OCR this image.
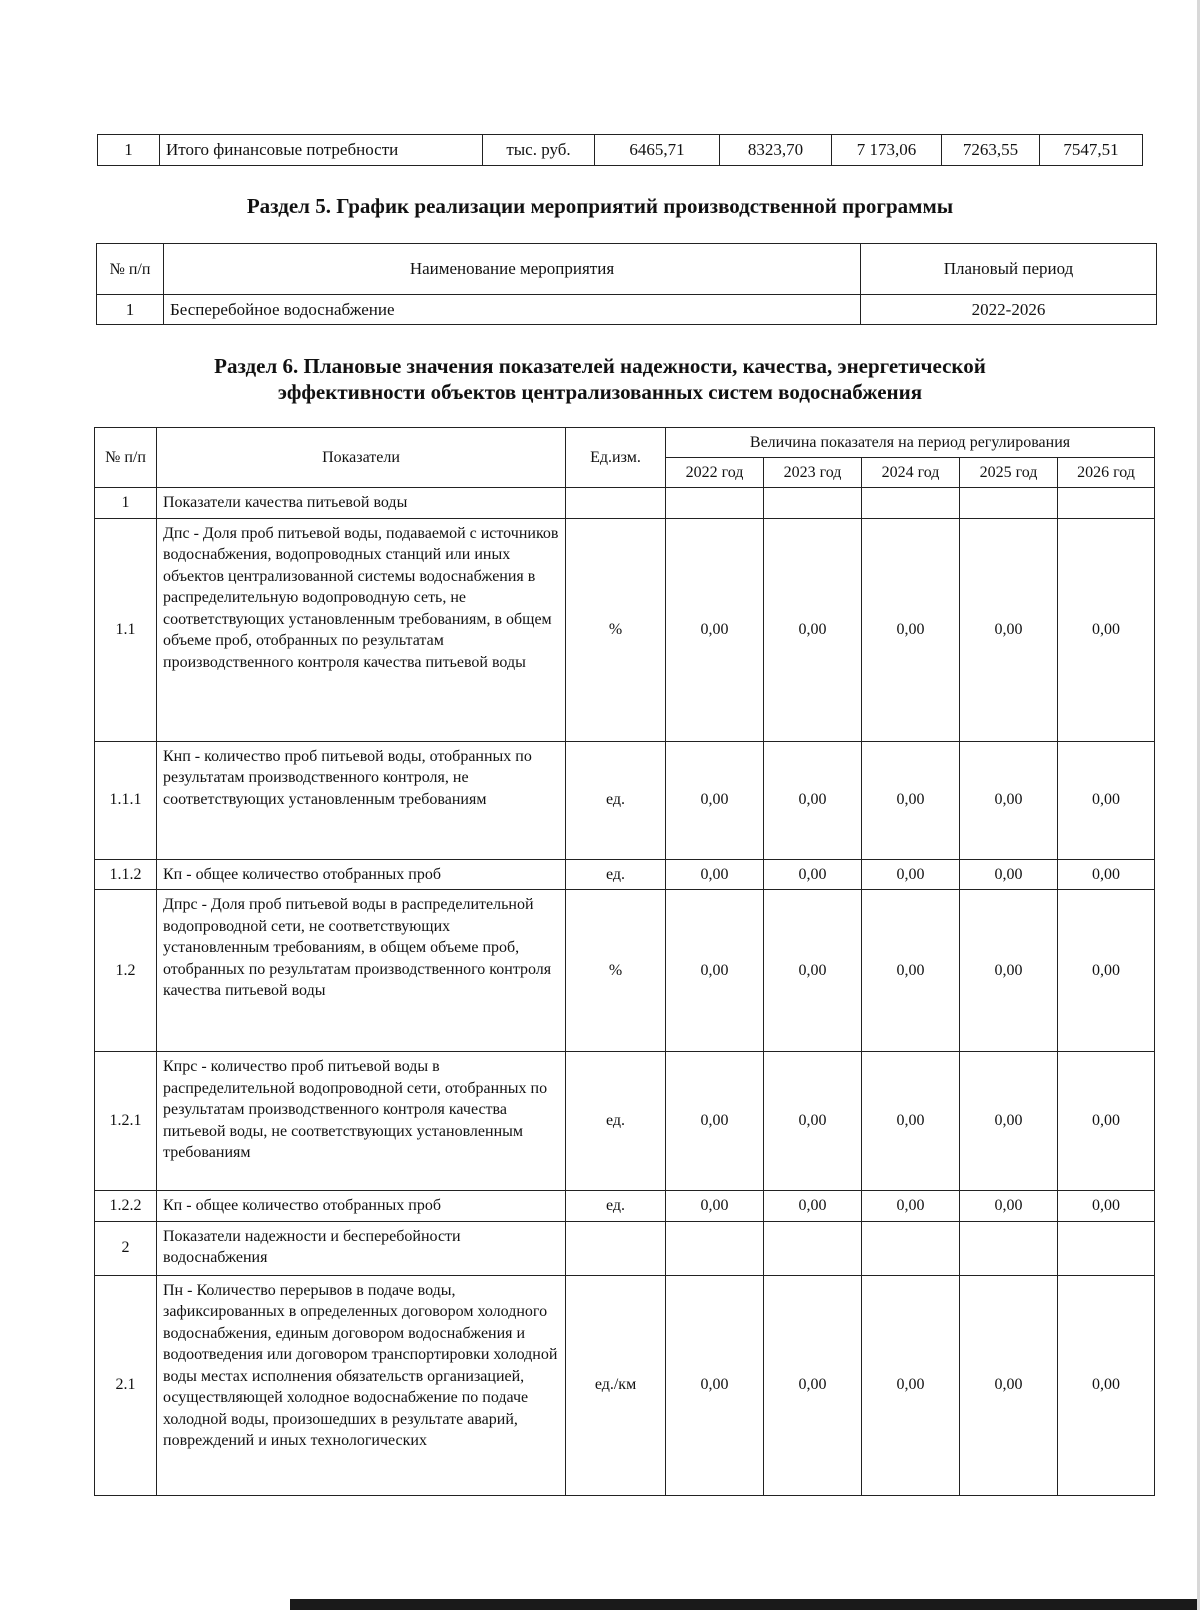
1	Итого финансовые потребности	тыс. руб.	6465,71	8323,70	7 173,06	7263,55	7547,51
Раздел 5. График реализации мероприятий производственной программы
№ п/п	Наименование мероприятия	Плановый период
1	Бесперебойное водоснабжение	2022-2026
Раздел 6. Плановые значения показателей надежности, качества, энергетической
эффективности объектов централизованных систем водоснабжения
№ п/п	Показатели	Ед.изм.	Величина показателя на период регулирования				
			2022 год	2023 год	2024 год	2025 год	2026 год
1	Показатели качества питьевой воды						
1.1	Дпс - Доля проб питьевой воды, подаваемой с источников водоснабжения, водопроводных станций или иных объектов централизованной системы водоснабжения в распределительную водопроводную сеть, не соответствующих установленным требованиям, в общем объеме проб, отобранных по результатам производственного контроля качества питьевой воды	%	0,00	0,00	0,00	0,00	0,00
1.1.1	Кнп - количество проб питьевой воды, отобранных по результатам производственного контроля, не соответствующих установленным требованиям	ед.	0,00	0,00	0,00	0,00	0,00
1.1.2	Кп - общее количество отобранных проб	ед.	0,00	0,00	0,00	0,00	0,00
1.2	Дпрс - Доля проб питьевой воды в распределительной водопроводной сети, не соответствующих установленным требованиям, в общем объеме проб, отобранных по результатам производственного контроля качества питьевой воды	%	0,00	0,00	0,00	0,00	0,00
1.2.1	Кпрс - количество проб питьевой воды в распределительной водопроводной сети, отобранных по результатам производственного контроля качества питьевой воды, не соответствующих установленным требованиям	ед.	0,00	0,00	0,00	0,00	0,00
1.2.2	Кп - общее количество отобранных проб	ед.	0,00	0,00	0,00	0,00	0,00
2	Показатели надежности и бесперебойности водоснабжения						
2.1	Пн - Количество перерывов в подаче воды, зафиксированных в определенных договором холодного водоснабжения, единым договором водоснабжения и водоотведения или договором транспортировки холодной воды местах исполнения обязательств организацией, осуществляющей холодное водоснабжение по подаче холодной воды, произошедших в результате аварий, повреждений и иных технологических	ед./км	0,00	0,00	0,00	0,00	0,00
